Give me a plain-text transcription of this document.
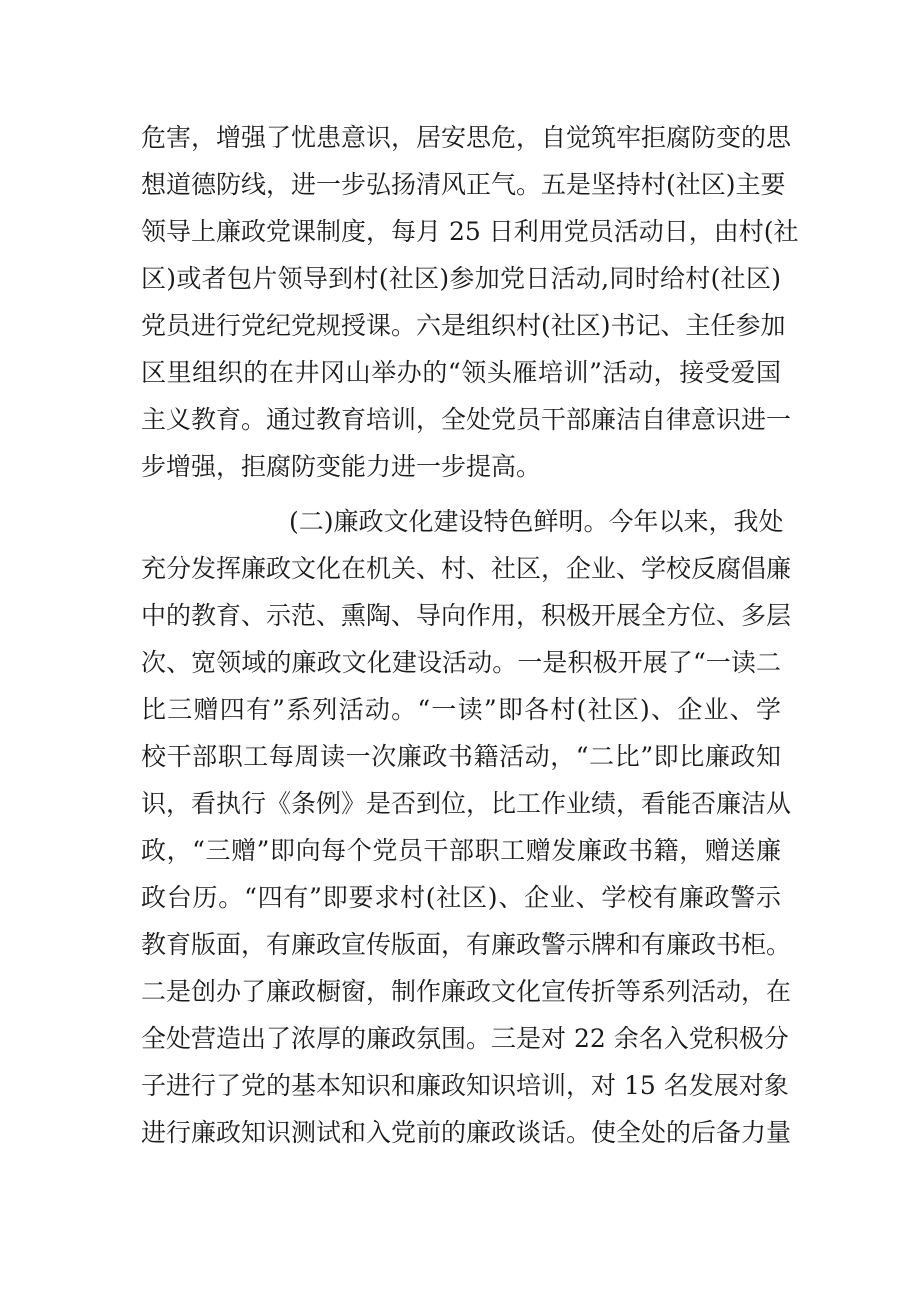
危害，增强了忧患意识，居安思危，自觉筑牢拒腐防变的思
想道德防线，进一步弘扬清风正气。五是坚持村(社区)主要
领导上廉政党课制度，每月 25 日利用党员活动日，由村(社
区)或者包片领导到村(社区)参加党日活动,同时给村(社区)
党员进行党纪党规授课。六是组织村(社区)书记、主任参加
区里组织的在井冈山举办的“领头雁培训”活动，接受爱国
主义教育。通过教育培训，全处党员干部廉洁自律意识进一
步增强，拒腐防变能力进一步提高。
(二)廉政文化建设特色鲜明。今年以来，我处
充分发挥廉政文化在机关、村、社区，企业、学校反腐倡廉
中的教育、示范、熏陶、导向作用，积极开展全方位、多层
次、宽领域的廉政文化建设活动。一是积极开展了“一读二
比三赠四有”系列活动。“一读”即各村(社区)、企业、学
校干部职工每周读一次廉政书籍活动，“二比”即比廉政知
识，看执行《条例》是否到位，比工作业绩，看能否廉洁从
政，“三赠”即向每个党员干部职工赠发廉政书籍，赠送廉
政台历。“四有”即要求村(社区)、企业、学校有廉政警示
教育版面，有廉政宣传版面，有廉政警示牌和有廉政书柜。
二是创办了廉政橱窗，制作廉政文化宣传折等系列活动，在
全处营造出了浓厚的廉政氛围。三是对 22 余名入党积极分
子进行了党的基本知识和廉政知识培训，对 15 名发展对象
进行廉政知识测试和入党前的廉政谈话。使全处的后备力量
